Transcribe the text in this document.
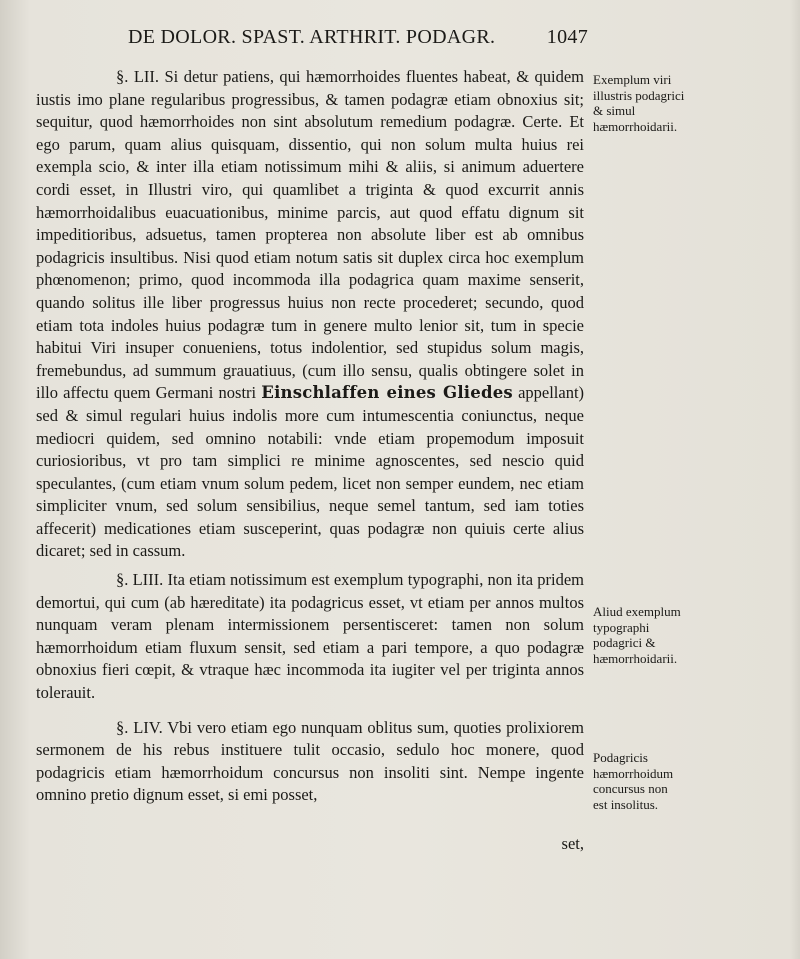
DE DOLOR. SPAST. ARTHRIT. PODAGR.	1047

§. LII. Si detur patiens, qui hæmorrhoides fluentes habeat, & quidem iustis imo plane regularibus progressibus, & tamen podagræ etiam obnoxius sit; sequitur, quod hæmorrhoides non sint absolutum remedium podagræ. Certe. Et ego parum, quam alius quisquam, dissentio, qui non solum multa huius rei exempla scio, & inter illa etiam notissimum mihi & aliis, si animum aduertere cordi esset, in Illustri viro, qui quamlibet a triginta & quod excurrit annis hæmorrhoidalibus euacuationibus, minime parcis, aut quod effatu dignum sit impeditioribus, adsuetus, tamen propterea non absolute liber est ab omnibus podagricis insultibus. Nisi quod etiam notum satis sit duplex circa hoc exemplum phœnomenon; primo, quod incommoda illa podagrica quam maxime senserit, quando solitus ille liber progressus huius non recte procederet; secundo, quod etiam tota indoles huius podagræ tum in genere multo lenior sit, tum in specie habitui Viri insuper conueniens, totus indolentior, sed stupidus solum magis, fremebundus, ad summum grauatiuus, (cum illo sensu, qualis obtingere solet in illo affectu quem Germani nostri Einschlaffen eines Gliedes appellant) sed & simul regulari huius indolis more cum intumescentia coniunctus, neque mediocri quidem, sed omnino notabili: vnde etiam propemodum imposuit curiosioribus, vt pro tam simplici re minime agnoscentes, sed nescio quid speculantes, (cum etiam vnum solum pedem, licet non semper eundem, nec etiam simpliciter vnum, sed solum sensibilius, neque semel tantum, sed iam toties affecerit) medicationes etiam susceperint, quas podagræ non quiuis certe alius dicaret; sed in cassum.

§. LIII. Ita etiam notissimum est exemplum typographi, non ita pridem demortui, qui cum (ab hæreditate) ita podagricus esset, vt etiam per annos multos nunquam veram plenam intermissionem persentisceret: tamen non solum hæmorrhoidum etiam fluxum sensit, sed etiam a pari tempore, a quo podagræ obnoxius fieri cœpit, & vtraque hæc incommoda ita iugiter vel per triginta annos tolerauit.

§. LIV. Vbi vero etiam ego nunquam oblitus sum, quoties prolixiorem sermonem de his rebus instituere tulit occasio, sedulo hoc monere, quod podagricis etiam hæmorrhoidum concursus non insoliti sint. Nempe ingente omnino pretio dignum esset, si emi posset,

Exemplum viri illustris podagrici & simul hæmorrhoidarii.
Aliud exemplum typographi podagrici & hæmorrhoidarii.
Podagricis hæmorrhoidum concursus non est insolitus.
set,
